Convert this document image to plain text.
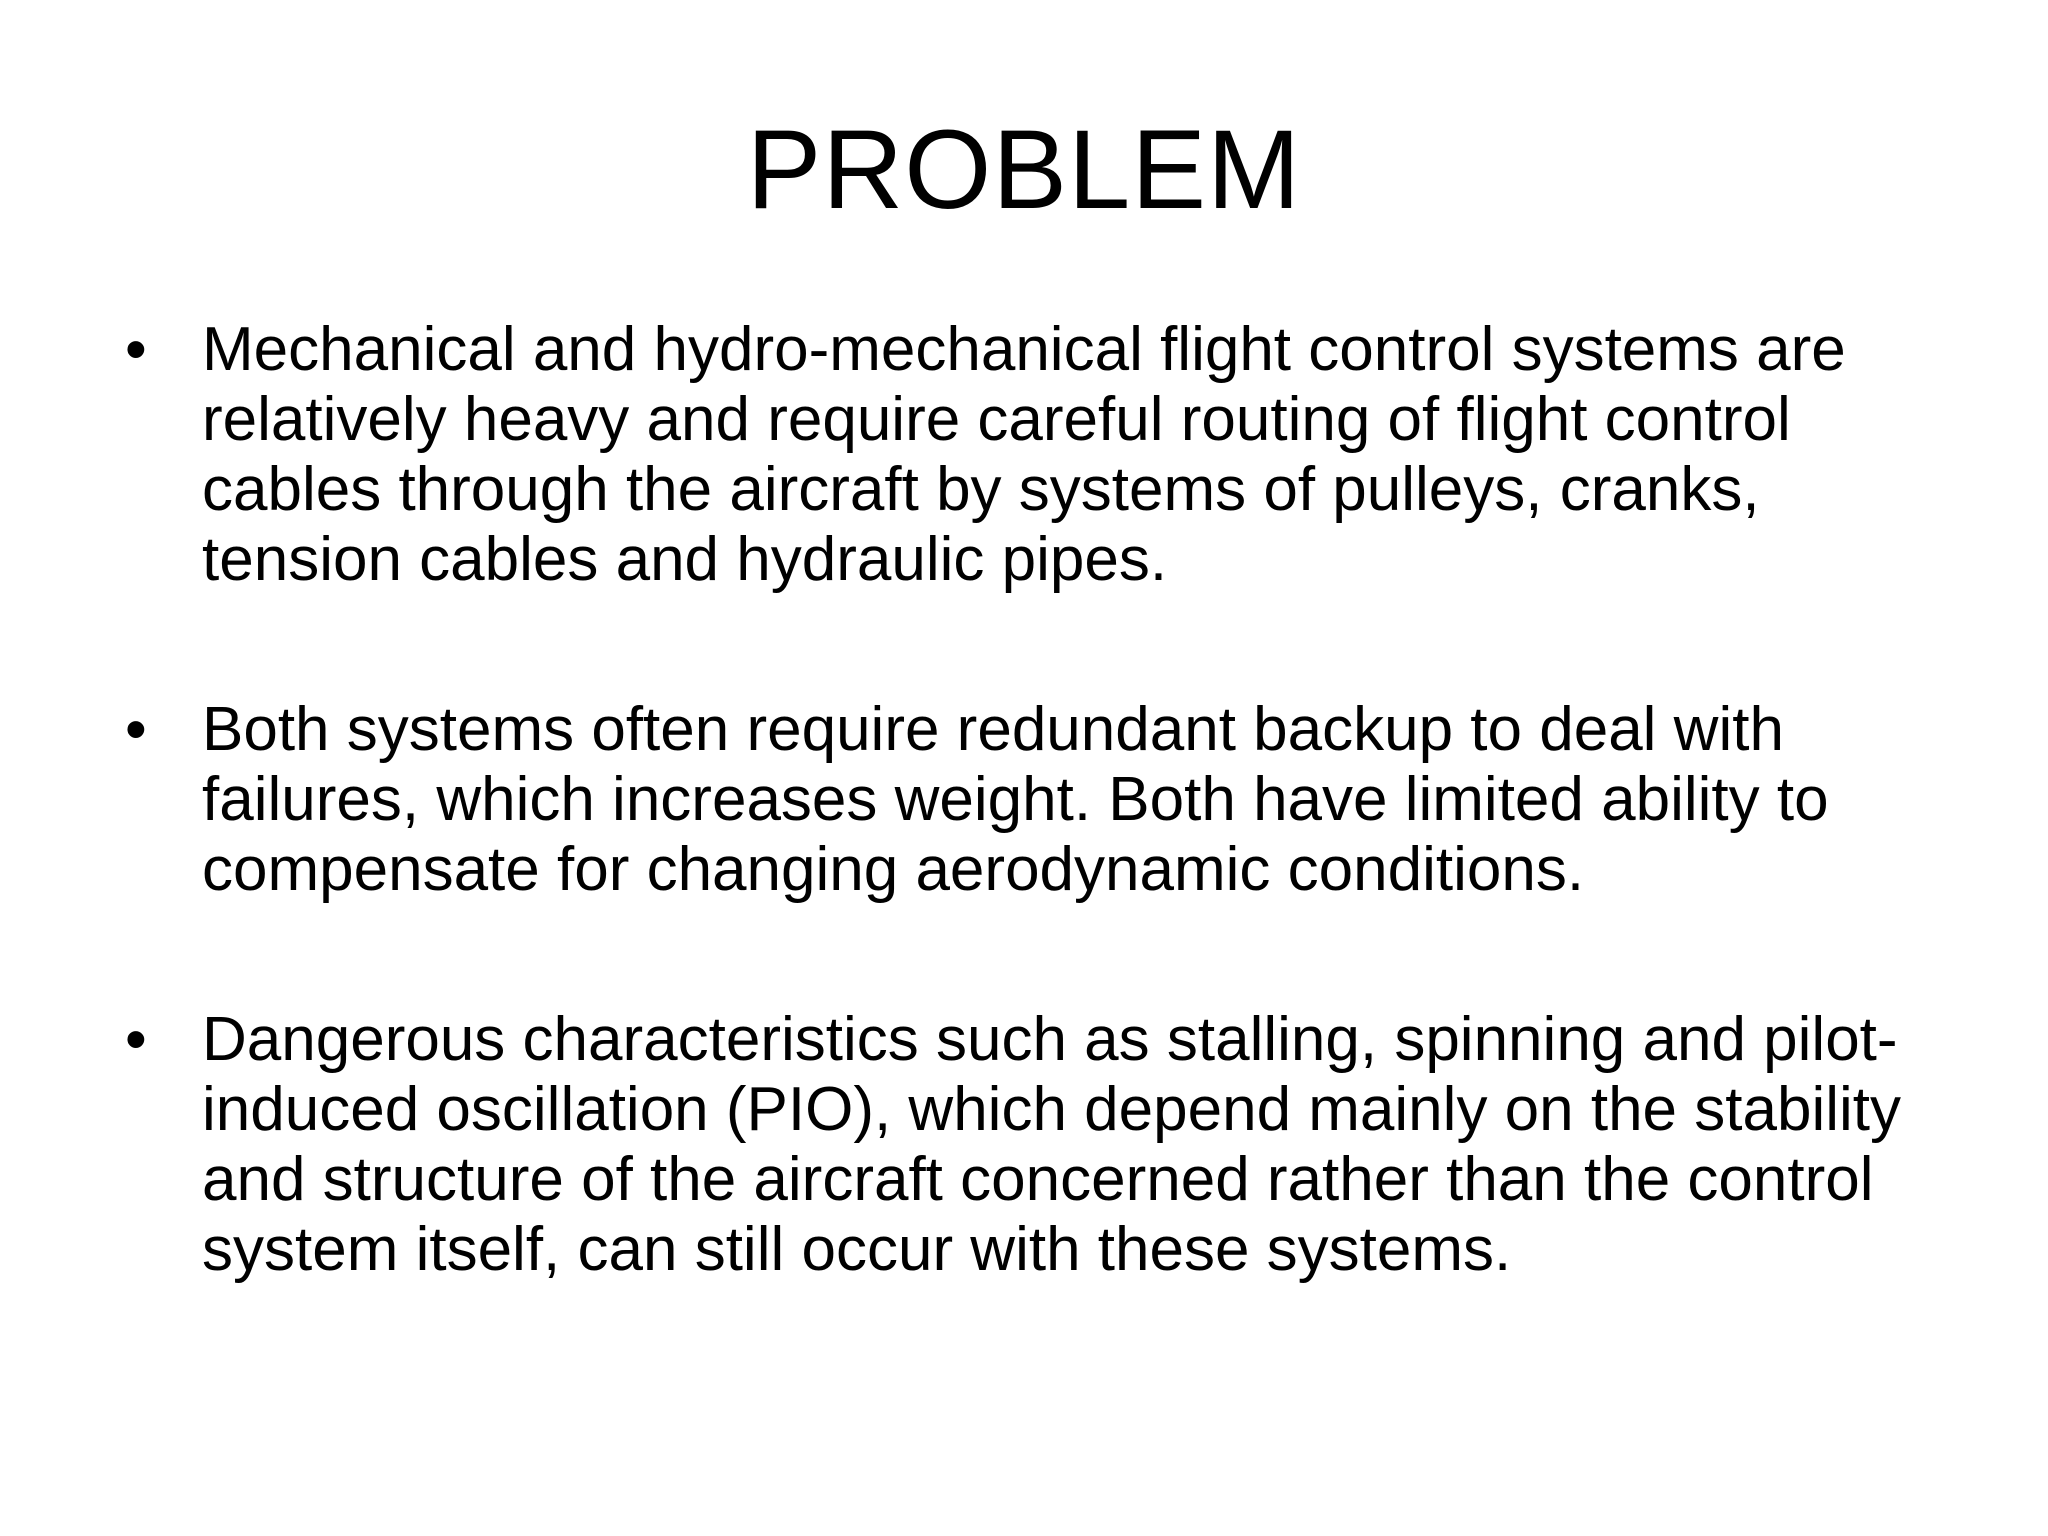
PROBLEM
• Mechanical and hydro-mechanical flight control systems are relatively heavy and require careful routing of flight control cables through the aircraft by systems of pulleys, cranks, tension cables and hydraulic pipes.
• Both systems often require redundant backup to deal with failures, which increases weight. Both have limited ability to compensate for changing aerodynamic conditions.
• Dangerous characteristics such as stalling, spinning and pilot-induced oscillation (PIO), which depend mainly on the stability and structure of the aircraft concerned rather than the control system itself, can still occur with these systems.
